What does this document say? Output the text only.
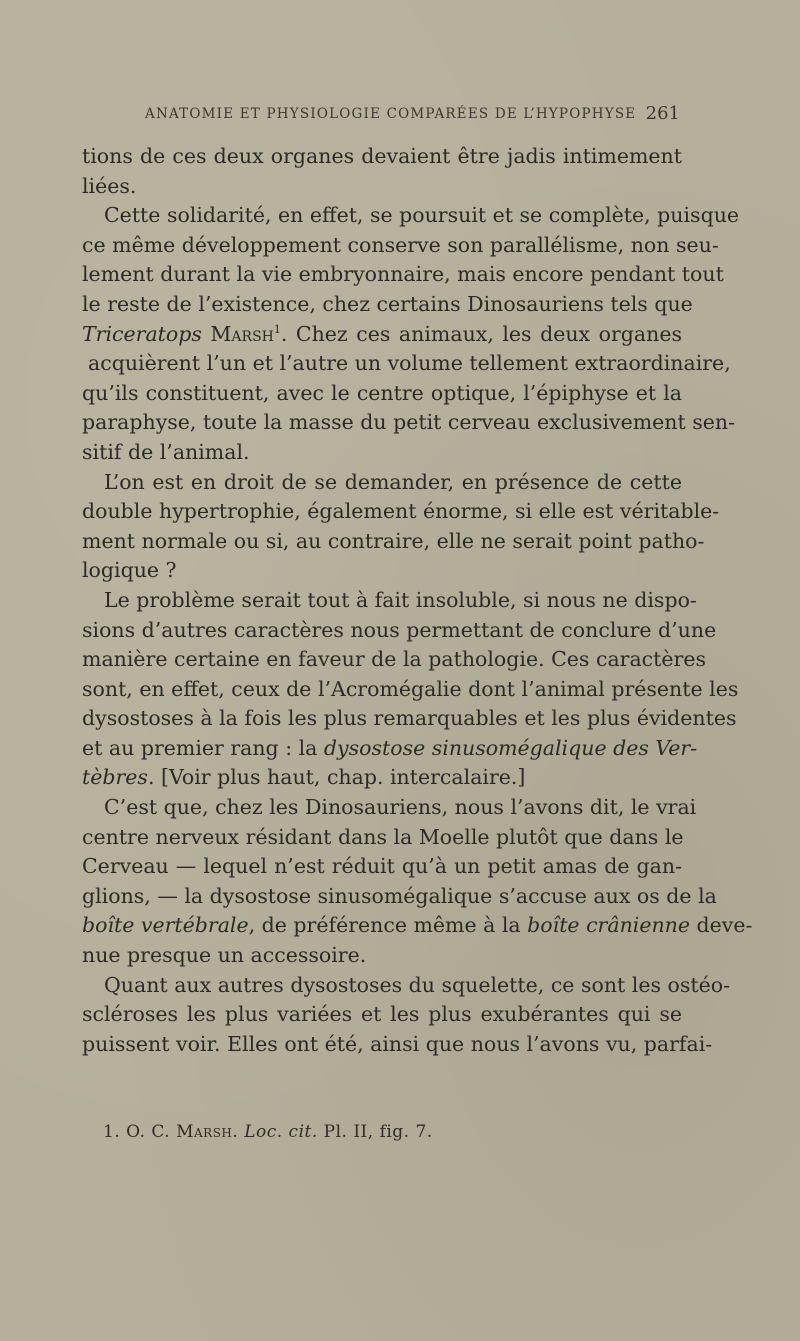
ANATOMIE ET PHYSIOLOGIE COMPARÉES DE L’HYPOPHYSE 261
tions de ces deux organes devaient être jadis intimement
liées.
Cette solidarité, en effet, se poursuit et se complète, puisque
ce même développement conserve son parallélisme, non seu-
lement durant la vie embryonnaire, mais encore pendant tout
le reste de l’existence, chez certains Dinosauriens tels que
Triceratops Marsh$^1$. Chez ces animaux, les deux organes
acquièrent l’un et l’autre un volume tellement extraordinaire,
qu’ils constituent, avec le centre optique, l’épiphyse et la
paraphyse, toute la masse du petit cerveau exclusivement sen-
sitif de l’animal.
L’on est en droit de se demander, en présence de cette
double hypertrophie, également énorme, si elle est véritable-
ment normale ou si, au contraire, elle ne serait point patho-
logique ?
Le problème serait tout à fait insoluble, si nous ne dispo-
sions d’autres caractères nous permettant de conclure d’une
manière certaine en faveur de la pathologie. Ces caractères
sont, en effet, ceux de l’Acromégalie dont l’animal présente les
dysostoses à la fois les plus remarquables et les plus évidentes
et au premier rang : la dysostose sinusomégalique des Ver-
tèbres. [Voir plus haut, chap. intercalaire.]
C’est que, chez les Dinosauriens, nous l’avons dit, le vrai
centre nerveux résidant dans la Moelle plutôt que dans le
Cerveau — lequel n’est réduit qu’à un petit amas de gan-
glions, — la dysostose sinusomégalique s’accuse aux os de la
boîte vertébrale, de préférence même à la boîte crânienne deve-
nue presque un accessoire.
Quant aux autres dysostoses du squelette, ce sont les ostéo-
scléroses les plus variées et les plus exubérantes qui se
puissent voir. Elles ont été, ainsi que nous l’avons vu, parfai-
1. O. C. Marsh. Loc. cit. Pl. II, fig. 7.
